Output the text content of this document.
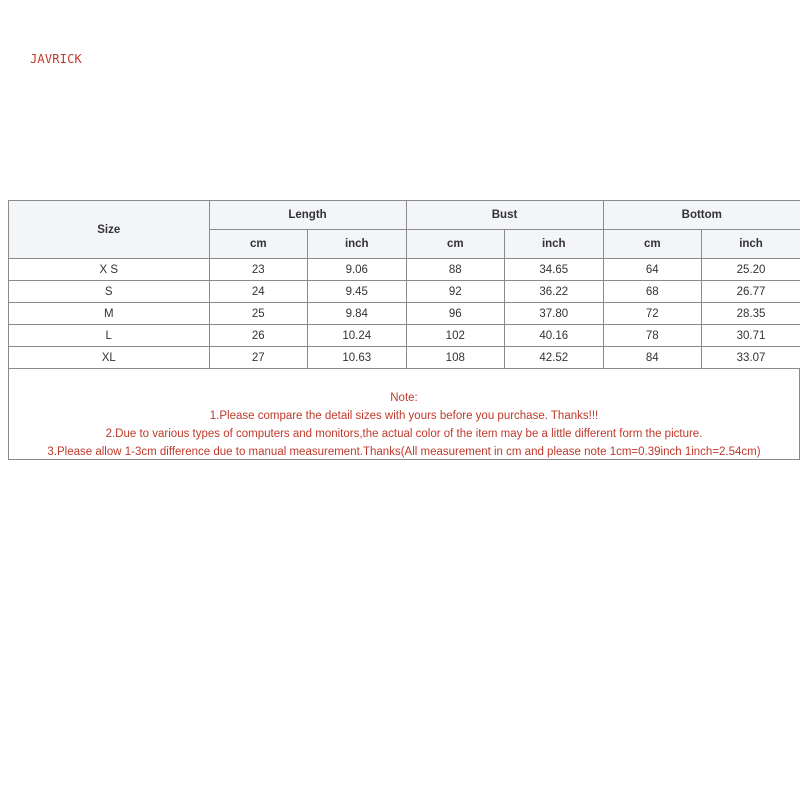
JAVRICK
Size	Length		Bust		Bottom	
	cm	inch	cm	inch	cm	inch
X S	23	9.06	88	34.65	64	25.20
S	24	9.45	92	36.22	68	26.77
M	25	9.84	96	37.80	72	28.35
L	26	10.24	102	40.16	78	30.71
XL	27	10.63	108	42.52	84	33.07
Note:
1.Please compare the detail sizes with yours before you purchase. Thanks!!!
2.Due to various types of computers and monitors,the actual color of the item may be a little different form the picture.
3.Please allow 1-3cm difference due to manual measurement.Thanks(All measurement in cm and please note 1cm=0.39inch 1inch=2.54cm)
